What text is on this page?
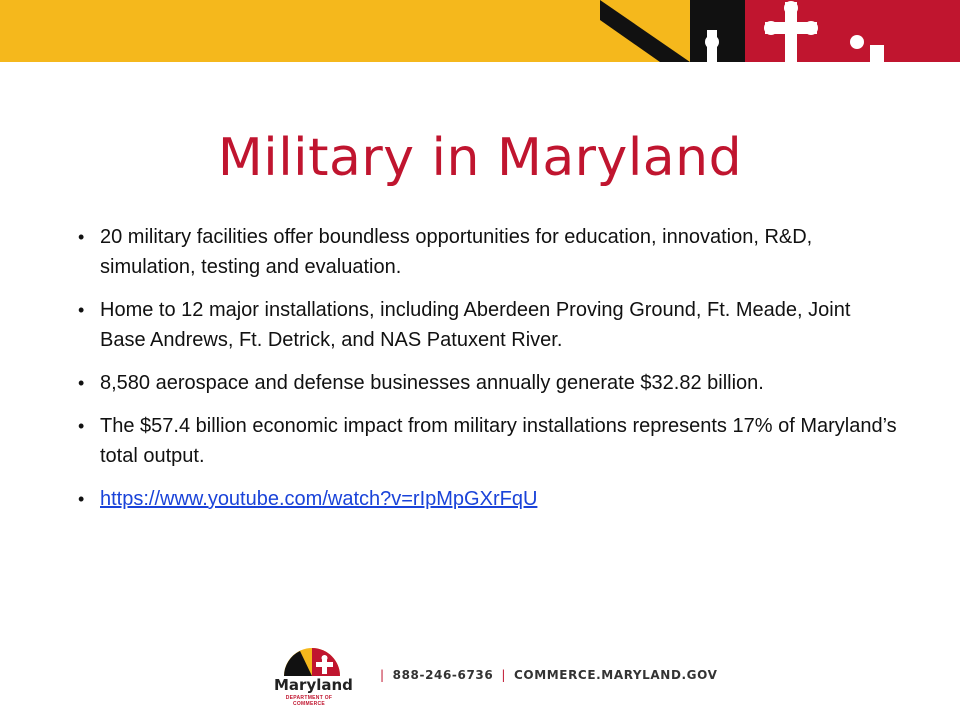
Military in Maryland
• 20 military facilities offer boundless opportunities for education, innovation, R&D, simulation, testing and evaluation.
• Home to 12 major installations, including Aberdeen Proving Ground, Ft. Meade, Joint Base Andrews, Ft. Detrick, and NAS Patuxent River.
• 8,580 aerospace and defense businesses annually generate $32.82 billion.
• The $57.4 billion economic impact from military installations represents 17% of Maryland’s total output.
• https://www.youtube.com/watch?v=rIpMpGXrFqU
Maryland
DEPARTMENT OF COMMERCE
| 888-246-6736 | COMMERCE.MARYLAND.GOV
